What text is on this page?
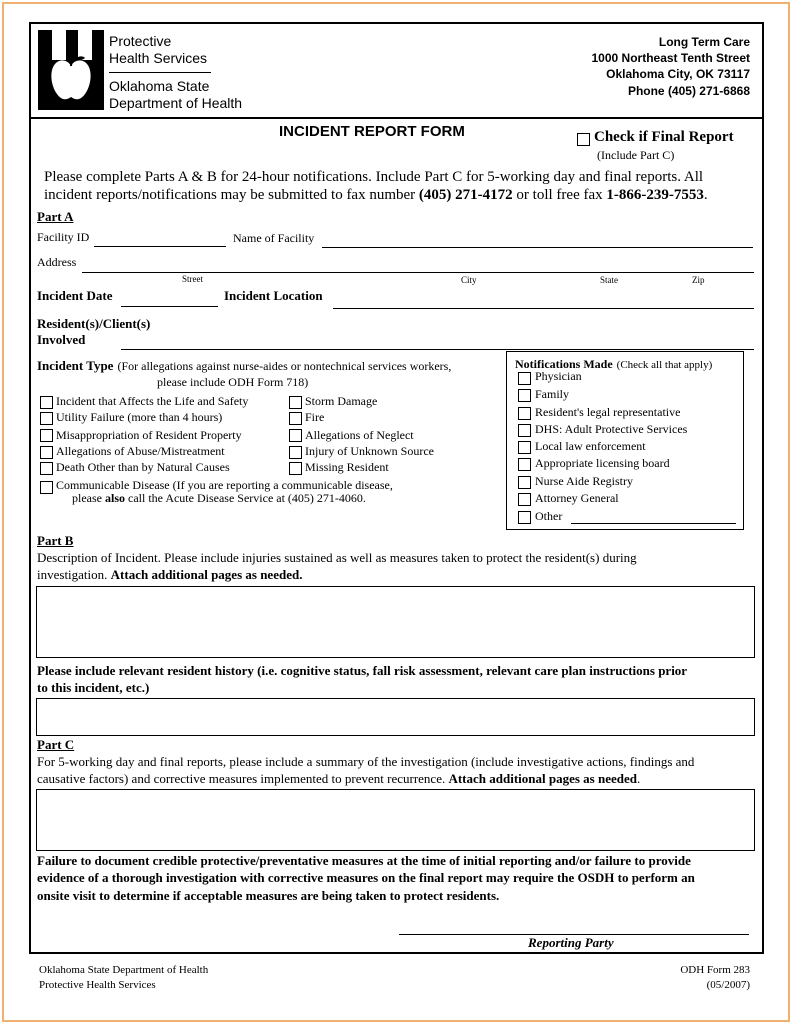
Protective
Health Services
Oklahoma State
Department of Health
Long Term Care
1000 Northeast Tenth Street
Oklahoma City, OK 73117
Phone (405) 271-6868
INCIDENT REPORT FORM	Check if Final Report
(Include Part C)
Please complete Parts A & B for 24-hour notifications. Include Part C for 5-working day and final reports. All
incident reports/notifications may be submitted to fax number (405) 271-4172 or toll free fax 1-866-239-7553.
Part A
Facility ID	Name of Facility
Address
Street	City	State	Zip
Incident Date	Incident Location
Resident(s)/Client(s)
Involved
Incident Type (For allegations against nurse-aides or nontechnical services workers,
please include ODH Form 718)
Incident that Affects the Life and Safety
Utility Failure (more than 4 hours)
Misappropriation of Resident Property
Allegations of Abuse/Mistreatment
Death Other than by Natural Causes
Storm Damage
Fire
Allegations of Neglect
Injury of Unknown Source
Missing Resident
Communicable Disease (If you are reporting a communicable disease,
please also call the Acute Disease Service at (405) 271-4060.
Notifications Made (Check all that apply)
Physician
Family
Resident's legal representative
DHS: Adult Protective Services
Local law enforcement
Appropriate licensing board
Nurse Aide Registry
Attorney General
Other
Part B
Description of Incident. Please include injuries sustained as well as measures taken to protect the resident(s) during
investigation. Attach additional pages as needed.
Please include relevant resident history (i.e. cognitive status, fall risk assessment, relevant care plan instructions prior
to this incident, etc.)
Part C
For 5-working day and final reports, please include a summary of the investigation (include investigative actions, findings and
causative factors) and corrective measures implemented to prevent recurrence. Attach additional pages as needed.
Failure to document credible protective/preventative measures at the time of initial reporting and/or failure to provide
evidence of a thorough investigation with corrective measures on the final report may require the OSDH to perform an
onsite visit to determine if acceptable measures are being taken to protect residents.
Reporting Party
Oklahoma State Department of Health
Protective Health Services
ODH Form 283
(05/2007)
